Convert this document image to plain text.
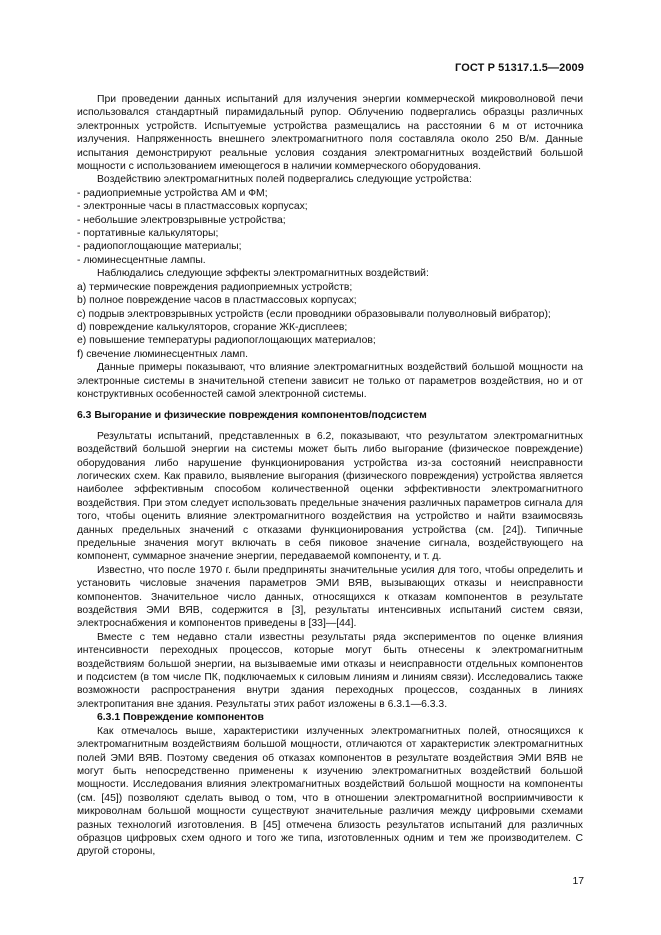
ГОСТ Р 51317.1.5—2009

При проведении данных испытаний для излучения энергии коммерческой микроволновой печи использовался стандартный пирамидальный рупор. Облучению подвергались образцы различных электронных устройств. Испытуемые устройства размещались на расстоянии 6 м от источника излучения. Напряженность внешнего электромагнитного поля составляла около 250 В/м. Данные испытания демонстрируют реальные условия создания электромагнитных воздействий большой мощности с использованием имеющегося в наличии коммерческого оборудования.

Воздействию электромагнитных полей подвергались следующие устройства:

- радиоприемные устройства АМ и ФМ;

- электронные часы в пластмассовых корпусах;

- небольшие электровзрывные устройства;

- портативные калькуляторы;

- радиопоглощающие материалы;

- люминесцентные лампы.

Наблюдались следующие эффекты электромагнитных воздействий:

a) термические повреждения радиоприемных устройств;

b) полное повреждение часов в пластмассовых корпусах;

c) подрыв электровзрывных устройств (если проводники образовывали полуволновый вибратор);

d) повреждение калькуляторов, сгорание ЖК-дисплеев;

e) повышение температуры радиопоглощающих материалов;

f) свечение люминесцентных ламп.

Данные примеры показывают, что влияние электромагнитных воздействий большой мощности на электронные системы в значительной степени зависит не только от параметров воздействия, но и от конструктивных особенностей самой электронной системы.

6.3 Выгорание и физические повреждения компонентов/подсистем

Результаты испытаний, представленных в 6.2, показывают, что результатом электромагнитных воздействий большой энергии на системы может быть либо выгорание (физическое повреждение) оборудования либо нарушение функционирования устройства из-за состояний неисправности логических схем. Как правило, выявление выгорания (физического повреждения) устройства является наиболее эффективным способом количественной оценки эффективности электромагнитного воздействия. При этом следует использовать предельные значения различных параметров сигнала для того, чтобы оценить влияние электромагнитного воздействия на устройство и найти взаимосвязь данных предельных значений с отказами функционирования устройства (см. [24]). Типичные предельные значения могут включать в себя пиковое значение сигнала, воздействующего на компонент, суммарное значение энергии, передаваемой компоненту, и т. д.

Известно, что после 1970 г. были предприняты значительные усилия для того, чтобы определить и установить числовые значения параметров ЭМИ ВЯВ, вызывающих отказы и неисправности компонентов. Значительное число данных, относящихся к отказам компонентов в результате воздействия ЭМИ ВЯВ, содержится в [3], результаты интенсивных испытаний систем связи, электроснабжения и компонентов приведены в [33]—[44].

Вместе с тем недавно стали известны результаты ряда экспериментов по оценке влияния интенсивности переходных процессов, которые могут быть отнесены к электромагнитным воздействиям большой энергии, на вызываемые ими отказы и неисправности отдельных компонентов и подсистем (в том числе ПК, подключаемых к силовым линиям и линиям связи). Исследовались также возможности распространения внутри здания переходных процессов, созданных в линиях электропитания вне здания. Результаты этих работ изложены в 6.3.1—6.3.3.

6.3.1 Повреждение компонентов

Как отмечалось выше, характеристики излученных электромагнитных полей, относящихся к электромагнитным воздействиям большой мощности, отличаются от характеристик электромагнитных полей ЭМИ ВЯВ. Поэтому сведения об отказах компонентов в результате воздействия ЭМИ ВЯВ не могут быть непосредственно применены к изучению электромагнитных воздействий большой мощности. Исследования влияния электромагнитных воздействий большой мощности на компоненты (см. [45]) позволяют сделать вывод о том, что в отношении электромагнитной восприимчивости к микроволнам большой мощности существуют значительные различия между цифровыми схемами разных технологий изготовления. В [45] отмечена близость результатов испытаний для различных образцов цифровых схем одного и того же типа, изготовленных одним и тем же производителем. С другой стороны,

17
